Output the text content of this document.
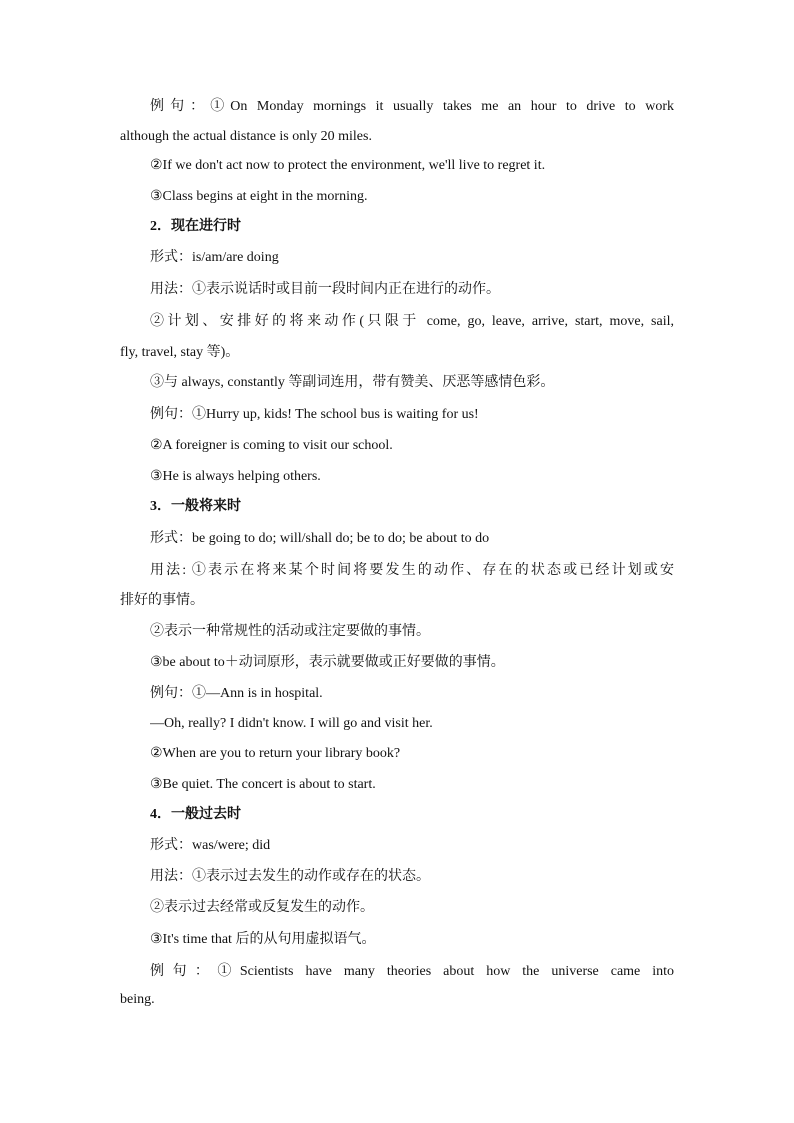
例句：①On Monday mornings it usually takes me an hour to drive to work
although the actual distance is only 20 miles.
②If we don't act now to protect the environment, we'll live to regret it.
③Class begins at eight in the morning.
2．现在进行时
形式：is/am/are doing
用法：①表示说话时或目前一段时间内正在进行的动作。
②计划、安排好的将来动作(只限于 come, go, leave, arrive, start, move, sail,
fly, travel, stay 等)。
③与 always, constantly 等副词连用，带有赞美、厌恶等感情色彩。
例句：①Hurry up, kids! The school bus is waiting for us!
②A foreigner is coming to visit our school.
③He is always helping others.
3．一般将来时
形式：be going to do; will/shall do; be to do; be about to do
用法: ①表示在将来某个时间将要发生的动作、存在的状态或已经计划或安
排好的事情。
②表示一种常规性的活动或注定要做的事情。
③be about to＋动词原形，表示就要做或正好要做的事情。
例句：①—Ann is in hospital.
—Oh, really? I didn't know. I will go and visit her.
②When are you to return your library book?
③Be quiet. The concert is about to start.
4．一般过去时
形式：was/were; did
用法：①表示过去发生的动作或存在的状态。
②表示过去经常或反复发生的动作。
③It's time that 后的从句用虚拟语气。
例句：①Scientists have many theories about how the universe came into
being.
